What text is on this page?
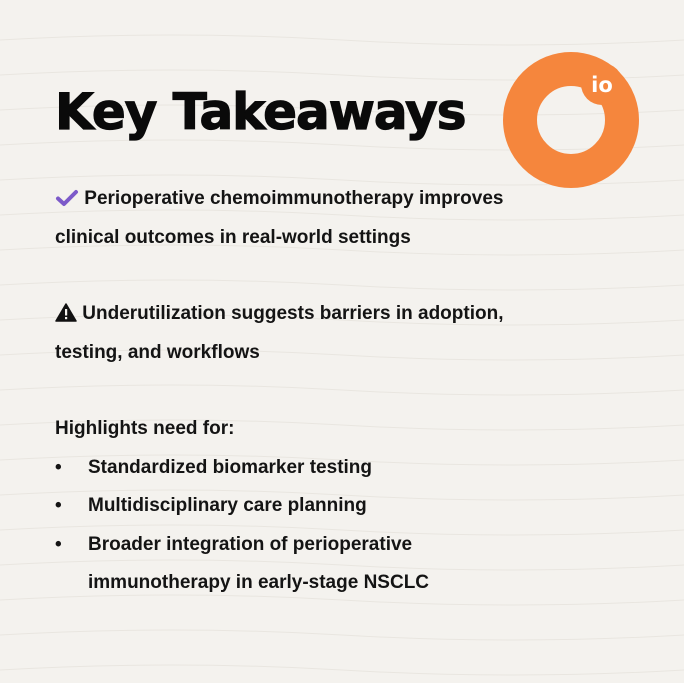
Key Takeaways	io

Perioperative chemoimmunotherapy improves clinical outcomes in real-world settings

Underutilization suggests barriers in adoption, testing, and workflows

Highlights need for:

• Standardized biomarker testing
• Multidisciplinary care planning
• Broader integration of perioperative immunotherapy in early-stage NSCLC
